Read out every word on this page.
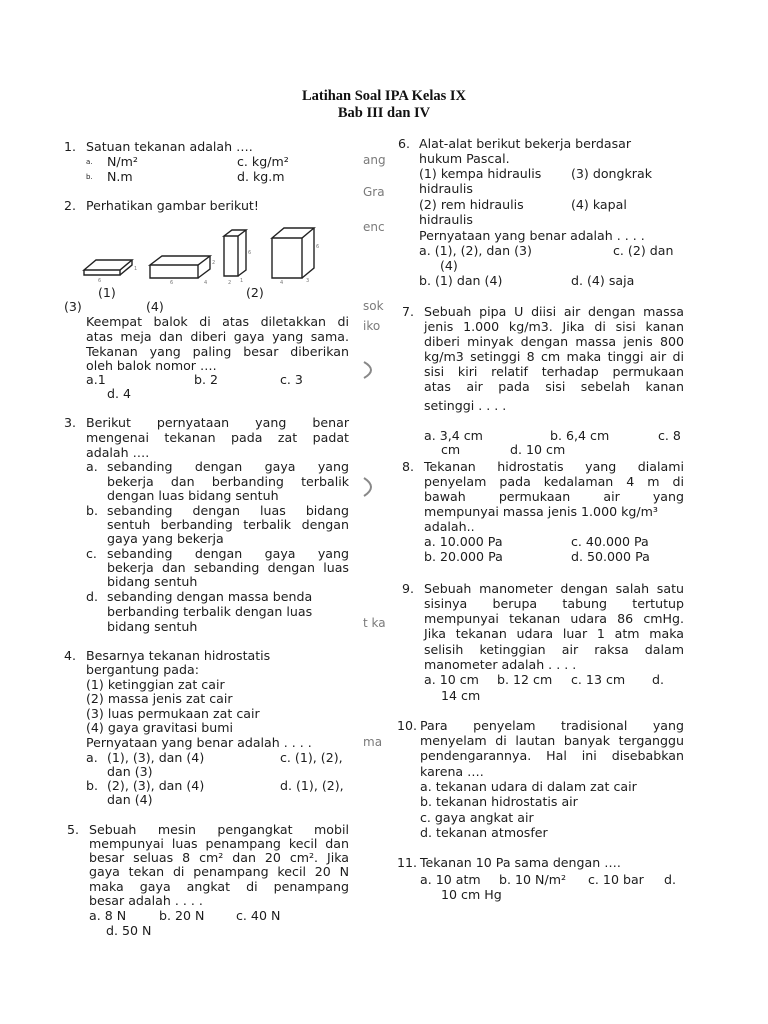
Latihan Soal IPA Kelas IX
Bab III dan IV
ang
Gra
enc
sok
iko
t ka
ma
1. Satuan tekanan adalah ….
a. N/m²	c. kg/m²
b. N.m	d. kg.m
2. Perhatikan gambar berikut!
6
1
6	4
2
2
6
1	4
6
3
(1)	(2)
(3)	(4)
Keempat balok di atas diletakkan di
atas meja dan diberi gaya yang sama.
Tekanan yang paling besar diberikan
oleh balok nomor ….
a.1	b. 2	c. 3
d. 4
3. Berikut pernyataan yang benar
mengenai tekanan pada zat padat
adalah ….
a. sebanding dengan gaya yang
bekerja dan berbanding terbalik
dengan luas bidang sentuh
b. sebanding dengan luas bidang
sentuh berbanding terbalik dengan
gaya yang bekerja
c. sebanding dengan gaya yang
bekerja dan sebanding dengan luas
bidang sentuh
d. sebanding dengan massa benda
berbanding terbalik dengan luas
bidang sentuh
4. Besarnya tekanan hidrostatis
bergantung pada:
(1) ketinggian zat cair
(2) massa jenis zat cair
(3) luas permukaan zat cair
(4) gaya gravitasi bumi
Pernyataan yang benar adalah . . . .
a. (1), (3), dan (4)	c. (1), (2),
dan (3)
b. (2), (3), dan (4)	d. (1), (2),
dan (4)
5. Sebuah mesin pengangkat mobil
mempunyai luas penampang kecil dan
besar seluas 8 cm² dan 20 cm². Jika
gaya tekan di penampang kecil 20 N
maka gaya angkat di penampang
besar adalah . . . .
a. 8 N	b. 20 N	c. 40 N
d. 50 N
6. Alat-alat berikut bekerja berdasar
hukum Pascal.
(1) kempa hidraulis (3) dongkrak
hidraulis
(2) rem hidraulis	(4) kapal
hidraulis
Pernyataan yang benar adalah . . . .
a. (1), (2), dan (3)	c. (2) dan
(4)
b. (1) dan (4)	d. (4) saja
7. Sebuah pipa U diisi air dengan massa
jenis 1.000 kg/m3. Jika di sisi kanan
diberi minyak dengan massa jenis 800
kg/m3 setinggi 8 cm maka tinggi air di
sisi kiri relatif terhadap permukaan
atas air pada sisi sebelah kanan
setinggi . . . .
a. 3,4 cm	b. 6,4 cm	c. 8
cm	d. 10 cm
8. Tekanan hidrostatis yang dialami
penyelam pada kedalaman 4 m di
bawah permukaan air yang
mempunyai massa jenis 1.000 kg/m³
adalah..
a. 10.000 Pa	c. 40.000 Pa
b. 20.000 Pa	d. 50.000 Pa
9. Sebuah manometer dengan salah satu
sisinya berupa tabung tertutup
mempunyai tekanan udara 86 cmHg.
Jika tekanan udara luar 1 atm maka
selisih ketinggian air raksa dalam
manometer adalah . . . .
a. 10 cm b. 12 cm c. 13 cm d.
14 cm
10. Para penyelam tradisional yang
menyelam di lautan banyak terganggu
pendengarannya. Hal ini disebabkan
karena ….
a. tekanan udara di dalam zat cair
b. tekanan hidrostatis air
c. gaya angkat air
d. tekanan atmosfer
11. Tekanan 10 Pa sama dengan ….
a. 10 atm b. 10 N/m² c. 10 bar d.
10 cm Hg
